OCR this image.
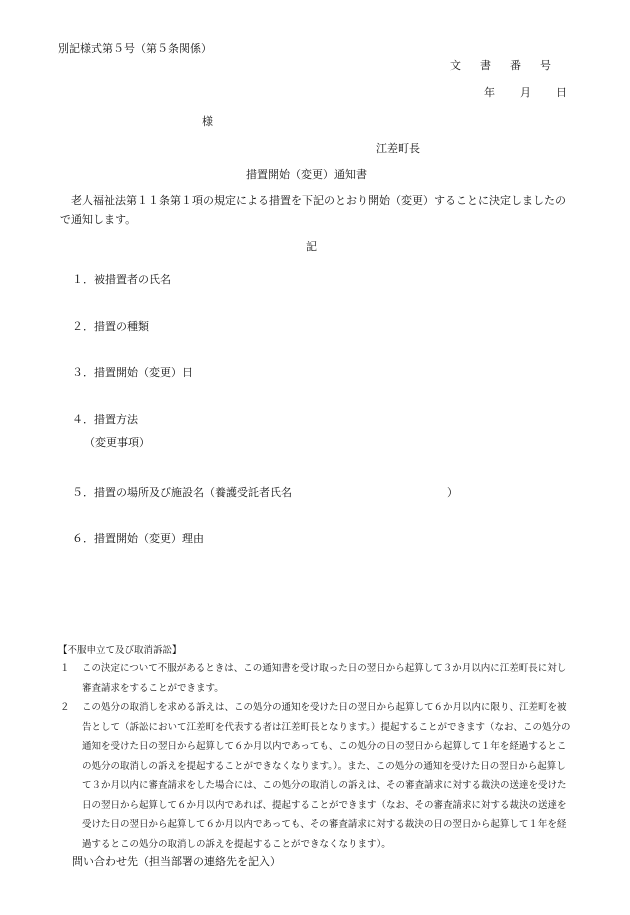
別記様式第５号（第５条関係）
文　書　番　号
年　　月　　日
様
江差町長
措置開始（変更）通知書
老人福祉法第１１条第１項の規定による措置を下記のとおり開始（変更）することに決定しましたので通知します。
記
１．被措置者の氏名
２．措置の種類
３．措置開始（変更）日
４．措置方法
（変更事項）
５．措置の場所及び施設名（養護受託者氏名	）
６．措置開始（変更）理由
【不服申立て及び取消訴訟】
１	この決定について不服があるときは、この通知書を受け取った日の翌日から起算して３か月以内に江差町長に対し審査請求をすることができます。
２	この処分の取消しを求める訴えは、この処分の通知を受けた日の翌日から起算して６か月以内に限り、江差町を被告として（訴訟において江差町を代表する者は江差町長となります。）提起することができます（なお、この処分の通知を受けた日の翌日から起算して６か月以内であっても、この処分の日の翌日から起算して１年を経過するとこの処分の取消しの訴えを提起することができなくなります。）。また、この処分の通知を受けた日の翌日から起算して３か月以内に審査請求をした場合には、この処分の取消しの訴えは、その審査請求に対する裁決の送達を受けた日の翌日から起算して６か月以内であれば、提起することができます（なお、その審査請求に対する裁決の送達を受けた日の翌日から起算して６か月以内であっても、その審査請求に対する裁決の日の翌日から起算して１年を経過するとこの処分の取消しの訴えを提起することができなくなります）。
問い合わせ先（担当部署の連絡先を記入）
